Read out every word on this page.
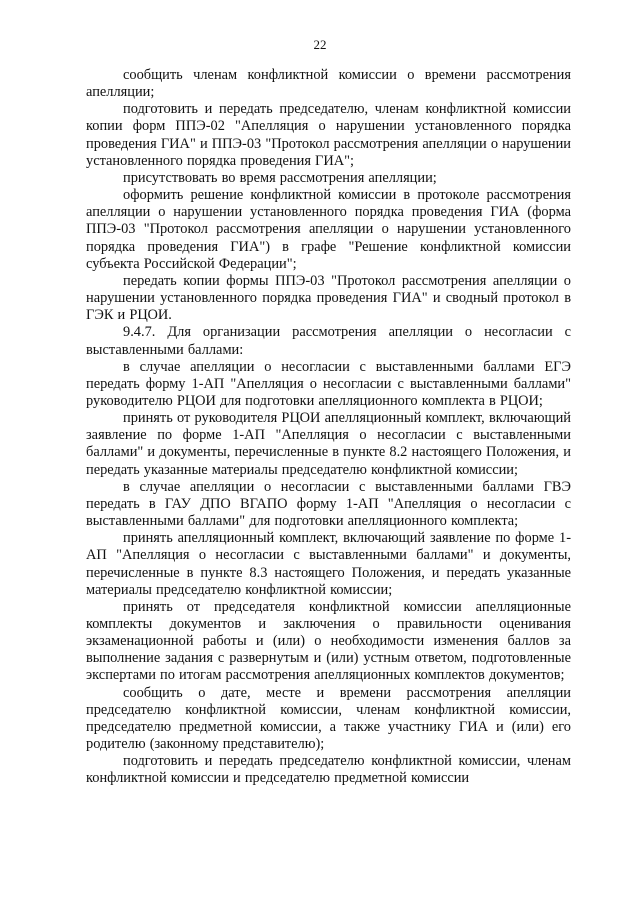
22

сообщить членам конфликтной комиссии о времени рассмотрения апелляции;

подготовить и передать председателю, членам конфликтной комиссии копии форм ППЭ-02 "Апелляция о нарушении установленного порядка проведения ГИА" и ППЭ-03 "Протокол рассмотрения апелляции о нарушении установленного порядка проведения ГИА";

присутствовать во время рассмотрения апелляции;

оформить решение конфликтной комиссии в протоколе рассмотрения апелляции о нарушении установленного порядка проведения ГИА (форма ППЭ-03 "Протокол рассмотрения апелляции о нарушении установленного порядка проведения ГИА") в графе "Решение конфликтной комиссии субъекта Российской Федерации";

передать копии формы ППЭ-03 "Протокол рассмотрения апелляции о нарушении установленного порядка проведения ГИА" и сводный протокол в ГЭК и РЦОИ.

9.4.7. Для организации рассмотрения апелляции о несогласии с выставленными баллами:

в случае апелляции о несогласии с выставленными баллами ЕГЭ передать форму 1-АП "Апелляция о несогласии с выставленными баллами" руководителю РЦОИ для подготовки апелляционного комплекта в РЦОИ;

принять от руководителя РЦОИ апелляционный комплект, включающий заявление по форме 1-АП "Апелляция о несогласии с выставленными баллами" и документы, перечисленные в пункте 8.2 настоящего Положения, и передать указанные материалы председателю конфликтной комиссии;

в случае апелляции о несогласии с выставленными баллами ГВЭ передать в ГАУ ДПО ВГАПО форму 1-АП "Апелляция о несогласии с выставленными баллами" для подготовки апелляционного комплекта;

принять апелляционный комплект, включающий заявление по форме 1-АП "Апелляция о несогласии с выставленными баллами" и документы, перечисленные в пункте 8.3 настоящего Положения, и передать указанные материалы председателю конфликтной комиссии;

принять от председателя конфликтной комиссии апелляционные комплекты документов и заключения о правильности оценивания экзаменационной работы и (или) о необходимости изменения баллов за выполнение задания с развернутым и (или) устным ответом, подготовленные экспертами по итогам рассмотрения апелляционных комплектов документов;

сообщить о дате, месте и времени рассмотрения апелляции председателю конфликтной комиссии, членам конфликтной комиссии, председателю предметной комиссии, а также участнику ГИА и (или) его родителю (законному представителю);

подготовить и передать председателю конфликтной комиссии, членам конфликтной комиссии и председателю предметной комиссии
